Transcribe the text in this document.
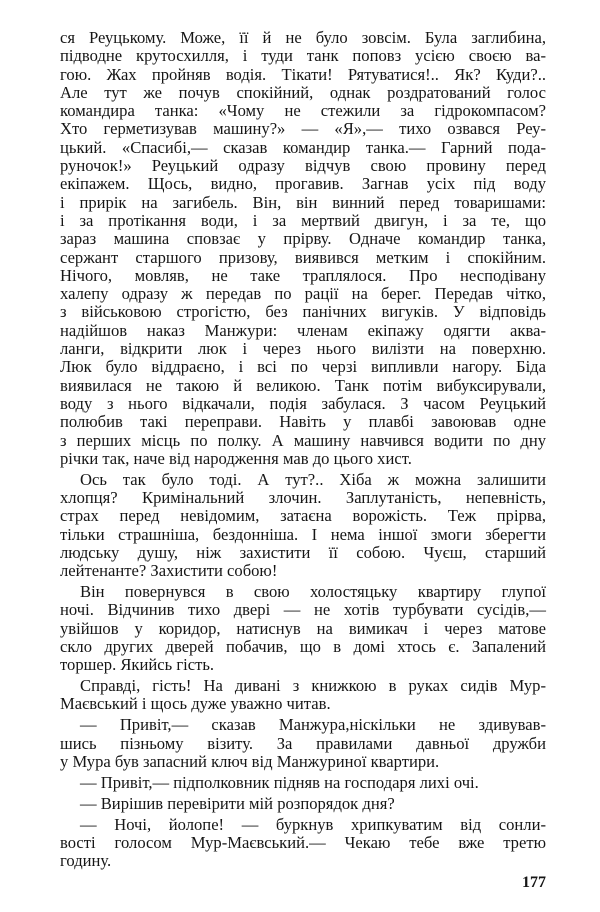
ся Реуцькому. Може, її й не було зовсім. Була заглибина,
підводне крутосхилля, і туди танк поповз усією своєю ва-
гою. Жах пройняв водія. Тікати! Рятуватися!.. Як? Куди?..
Але тут же почув спокійний, однак роздратований голос
командира танка: «Чому не стежили за гідрокомпасом?
Хто герметизував машину?» — «Я»,— тихо озвався Реу-
цький. «Спасибі,— сказав командир танка.— Гарний пода-
руночок!» Реуцький одразу відчув свою провину перед
екіпажем. Щось, видно, прогавив. Загнав усіх під воду
і прирік на загибель. Він, він винний перед товаришами:
і за протікання води, і за мертвий двигун, і за те, що
зараз машина сповзає у прірву. Одначе командир танка,
сержант старшого призову, виявився метким і спокійним.
Нічого, мовляв, не таке траплялося. Про несподівану
халепу одразу ж передав по рації на берег. Передав чітко,
з військовою строгістю, без панічних вигуків. У відповідь
надійшов наказ Манжури: членам екіпажу одягти аква-
ланги, відкрити люк і через нього вилізти на поверхню.
Люк було віддраєно, і всі по черзі випливли нагору. Біда
виявилася не такою й великою. Танк потім вибуксирували,
воду з нього відкачали, подія забулася. З часом Реуцький
полюбив такі переправи. Навіть у плавбі завоював одне
з перших місць по полку. А машину навчився водити по дну
річки так, наче від народження мав до цього хист.
Ось так було тоді. А тут?.. Хіба ж можна залишити
хлопця? Кримінальний злочин. Заплутаність, непевність,
страх перед невідомим, затаєна ворожість. Теж прірва,
тільки страшніша, бездонніша. І нема іншої змоги зберегти
людську душу, ніж захистити її собою. Чуєш, старший
лейтенанте? Захистити собою!
Він повернувся в свою холостяцьку квартиру глупої
ночі. Відчинив тихо двері — не хотів турбувати сусідів,—
увійшов у коридор, натиснув на вимикач і через матове
скло других дверей побачив, що в домі хтось є. Запалений
торшер. Якийсь гість.
Справді, гість! На дивані з книжкою в руках сидів Мур-
Маєвський і щось дуже уважно читав.
— Привіт,— сказав Манжура,ніскільки не здивував-
шись пізньому візиту. За правилами давньої дружби
у Мура був запасний ключ від Манжуриної квартири.
— Привіт,— підполковник підняв на господаря лихі очі.
— Вирішив перевірити мій розпорядок дня?
— Ночі, йолопе! — буркнув хрипкуватим від сонли-
вості голосом Мур-Маєвський.— Чекаю тебе вже третю
годину.
177
